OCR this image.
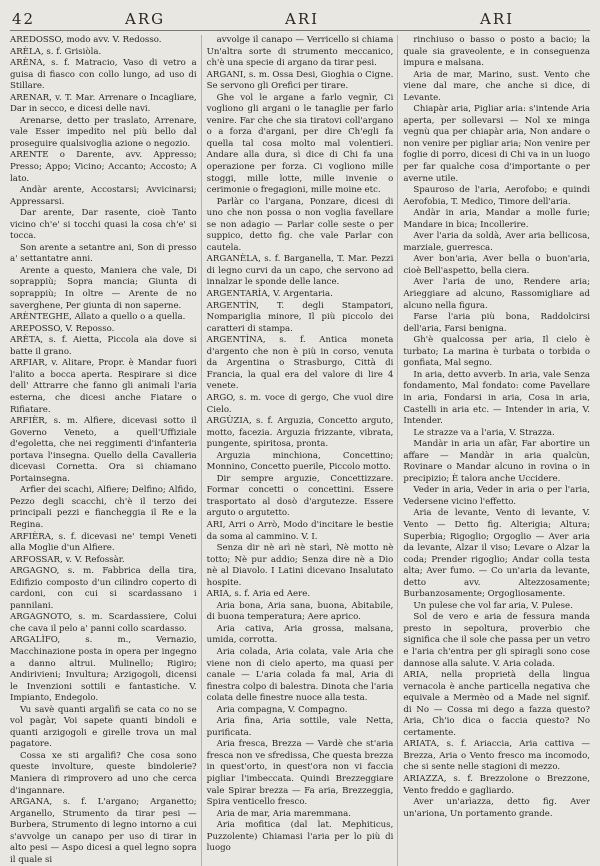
42	ARG	ARI	ARI

AREDOSSO, modo avv. V. Redosso.

ARÈLA, s. f. Grisiòla.

ARÈNA, s. f. Matracio, Vaso di vetro a guisa di fiasco con collo lungo, ad uso di Stillare.

ARENAR, v. T. Mar. Arrenare o Incagliare, Dar in secco, e dicesi delle navi.

Arenarse, detto per traslato, Arrenare, vale Esser impedito nel più bello dal proseguire qualsivoglia azione o negozio.

ARENTE o Darente, avv. Appresso; Presso; Appo; Vicino; Accanto; Accosto; A lato.

Andàr arente, Accostarsi; Avvicinarsi; Appressarsi.

Dar arente, Dar rasente, cioè Tanto vicino ch'e' si tocchi quasi la cosa ch'e' si tocca.

Son arente a setantre ani, Son di presso a' settantatre anni.

Arente a questo, Maniera che vale, Di soprappiù; Sopra mancia; Giunta di soprappiù; In oltre — Arente de no saverghene, Per giunta di non saperne.

ARÈNTEGHE, Allato a quello o a quella.

AREPOSSO, V. Reposso.

ARÈTA, s. f. Aietta, Piccola aia dove si batte il grano.

ARFIAR, v. Alitare, Propr. è Mandar fuori l'alito a bocca aperta. Respirare si dice dell' Attrarre che fanno gli animali l'aria esterna, che dicesi anche Fiatare o Rifiatare.

ARFIÈR, s. m. Alfiere, dicevasi sotto il Governo Veneto, a quell'Uffiziale d'egoletta, che nei reggimenti d'infanteria portava l'insegna. Quello della Cavalleria dicevasi Cornetta. Ora si chiamano Portainsegna.

Arfier dei scachi, Alfiere; Delfino; Alfido, Pezzo degli scacchi, ch'è il terzo dei principali pezzi e fiancheggia il Re e la Regina.

ARFIÈRA, s. f. dicevasi ne' tempi Veneti alla Moglie d'un Alfiere.

ARFOSSAR, v. V. Refossàr.

ARGAGNO, s. m. Fabbrica della tira, Edifizio composto d'un cilindro coperto di cardoni, con cui si scardassano i pannilani.

ARGAGNOTO, s. m. Scardassiere, Colui che cava il pelo a' panni collo scardasso.

ARGALÌFO, s. m., Vernazio, Macchinazione posta in opera per ingegno a danno altrui. Mulinello; Rigiro; Andirivieni; Invultura; Arzigogoli, dicensi le Invenzioni sottili e fantastiche. V. Impianto, Endegolo.

Vu savè quanti argalìfi se cata co no se vol pagàr, Voi sapete quanti bindoli e quanti arzigogoli e girelle trova un mal pagatore.

Cossa xe sti argalìfi? Che cosa sono queste involture, queste bindolerie? Maniera di rimprovero ad uno che cerca d'ingannare.

ARGANA, s. f. L'argano; Arganetto; Arganello, Strumento da tirar pesi — Burbera, Strumento di legno intorno a cui s'avvolge un canapo per uso di tirar in alto pesi — Aspo dicesi a quel legno sopra il quale si

avvolge il canapo — Verricello si chiama Un'altra sorte di strumento meccanico, ch'è una specie di argano da tirar pesi.

ARGANI, s. m. Ossa Desi, Gioghia o Cigne. Se servono gli Orefici per tirare.

Ghe vol le argane a farlo vegnìr, Ci vogliono gli argani o le tanaglie per farlo venire. Far che che sia tiratovi coll'argano o a forza d'argani, per dire Ch'egli fa quella tal cosa molto mal volentieri. Andare alla dura, sì dice di Chi fa una operazione per forza. Ci vogliono mille stoggi, mille lotte, mille invenie o cerimonie o fregagioni, mille moine etc.

Parlàr co l'argana, Ponzare, dicesi di uno che non possa o non voglia favellare se non adagio — Parlar colle seste o per suppico, detto fig. che vale Parlar con cautela.

ARGANÈLA, s. f. Barganella, T. Mar. Pezzi di legno curvi da un capo, che servono ad innalzar le sponde delle lance.

ARGENTARÌA, V. Argentaria.

ARGENTÌN, T. degli Stampatori, Nompariglia minore, Il più piccolo dei caratteri di stampa.

ARGENTÌNA, s. f. Antica moneta d'argento che non è più in corso, venuta da Argentina o Strasburgo, Città di Francia, la qual era del valore di lire 4 venete.

ARGO, s. m. voce di gergo, Che vuol dire Cielo.

ARGÙZIA, s. f. Arguzia, Concetto arguto, motto, facezia. Arguzia frizzante, vibrata, pungente, spiritosa, pronta.

Arguzia minchiona, Concettino; Monnino, Concetto puerile, Piccolo motto.

Dir sempre arguzie, Concettizzare. Formar concetti o concettini. Essere trasportato al dosò d'argutezze. Essere arguto o argutetto.

ARI, Arri o Arrò, Modo d'incitare le bestie da soma al cammino. V. I.

Senza dir nè arì nè starì, Nè motto nè totto; Nè pur addio; Senza dire nè a Dio nè al Diavolo. I Latini dicevano Insalutato hospite.

ARIA, s. f. Aria ed Aere.

Aria bona, Aria sana, buona, Abitabile, di buona temperatura; Aere aprico.

Aria cativa, Aria grossa, malsana, umida, corrotta.

Aria colada, Aria colata, vale Aria che viene non di cielo aperto, ma quasi per canale — L'aria colada fa mal, Aria di finestra colpo di balestra. Dinota che l'aria colata delle finestre nuoce alla testa.

Aria compagna, V. Compagno.

Aria fina, Aria sottile, vale Netta, purificata.

Aria fresca, Brezza — Vardè che st'aria fresca non ve sfredissa, Che questa brezza in quest'orto, in quest'ora non vi faccia pigliar l'imbeccata. Quindi Brezzeggiare vale Spirar brezza — Fa aria, Brezzeggia, Spira venticello fresco.

Aria de mar, Aria maremmana.

Aria mofitica (dal lat. Mephiticus, Puzzolente) Chiamasi l'aria per lo più di luogo

rinchiuso o basso o posto a bacio; la quale sia graveolente, e in conseguenza impura e malsana.

Aria de mar, Marino, sust. Vento che viene dal mare, che anche si dice, di Levante.

Chiapàr aria, Pigliar aria: s'intende Aria aperta, per sollevarsi — Nol xe minga vegnù qua per chiapàr aria, Non andare o non venire per pigliar aria; Non venire per foglie di porro, dicesi di Chi va in un luogo per far qualche cosa d'importante o per averne utile.

Spauroso de l'aria, Aerofobo; e quindi Aerofobia, T. Medico, Timore dell'aria.

Andàr in aria, Mandar a molle furie; Mandare in bica; Incollerire.

Aver l'aria da soldà, Aver aria bellicosa, marziale, guerresca.

Aver bon'aria, Aver bella o buon'aria, cioè Bell'aspetto, bella ciera.

Aver l'aria de uno, Rendere aria; Arieggiare ad alcuno, Rassomigliare ad alcuno nella figura.

Farse l'aria più bona, Raddolcirsi dell'aria, Farsi benigna.

Gh'è qualcossa per aria, Il cielo è turbato; La marina è turbata o torbida o gonfiata, Mal segno.

In aria, detto avverb. In aria, vale Senza fondamento, Mal fondato: come Pavellare in aria, Fondarsi in aria, Cosa in aria, Castelli in aria etc. — Intender in aria, V. Intender.

Le strazze va a l'aria, V. Strazza.

Mandàr in aria un afàr, Far abortire un affare — Mandàr in aria qualcùn, Rovinare o Mandar alcuno in rovina o in precipizio; È talora anche Uccidere.

Veder in aria, Veder in aria o per l'aria, Vedersene vicino l'effetto.

Aria de levante, Vento di levante, V. Vento — Detto fig. Alterigia; Altura; Superbia; Rigoglio; Orgoglio — Aver aria da levante, Alzar il viso; Levare o Alzar la coda; Prender rigoglio; Andar colla testa alta; Aver fumo. — Co un'aria da levante, detto avv. Altezzosamente; Burbanzosamente; Orgogliosamente.

Un pulese che vol far aria, V. Pulese.

Sol de vero e aria de fessura manda presto in sepoltura, proverbio che significa che il sole che passa per un vetro e l'aria ch'entra per gli spiragli sono cose dannose alla salute. V. Aria colada.

ARIA, nella proprietà della lingua vernacola è anche particella negativa che equivale a Mermèo od a Made nel signif. di No — Cossa mi dego a fazza questo? Aria, Ch'io dica o faccia questo? No certamente.

ARIATA, s. f. Ariaccia, Aria cattiva — Brezza, Aria o Vento fresco ma incomodo, che si sente nelle stagioni di mezzo.

ARIAZZA, s. f. Brezzolone o Brezzone, Vento freddo e gagliardo.

Aver un'arìazza, detto fig. Aver un'ariona, Un portamento grande.
